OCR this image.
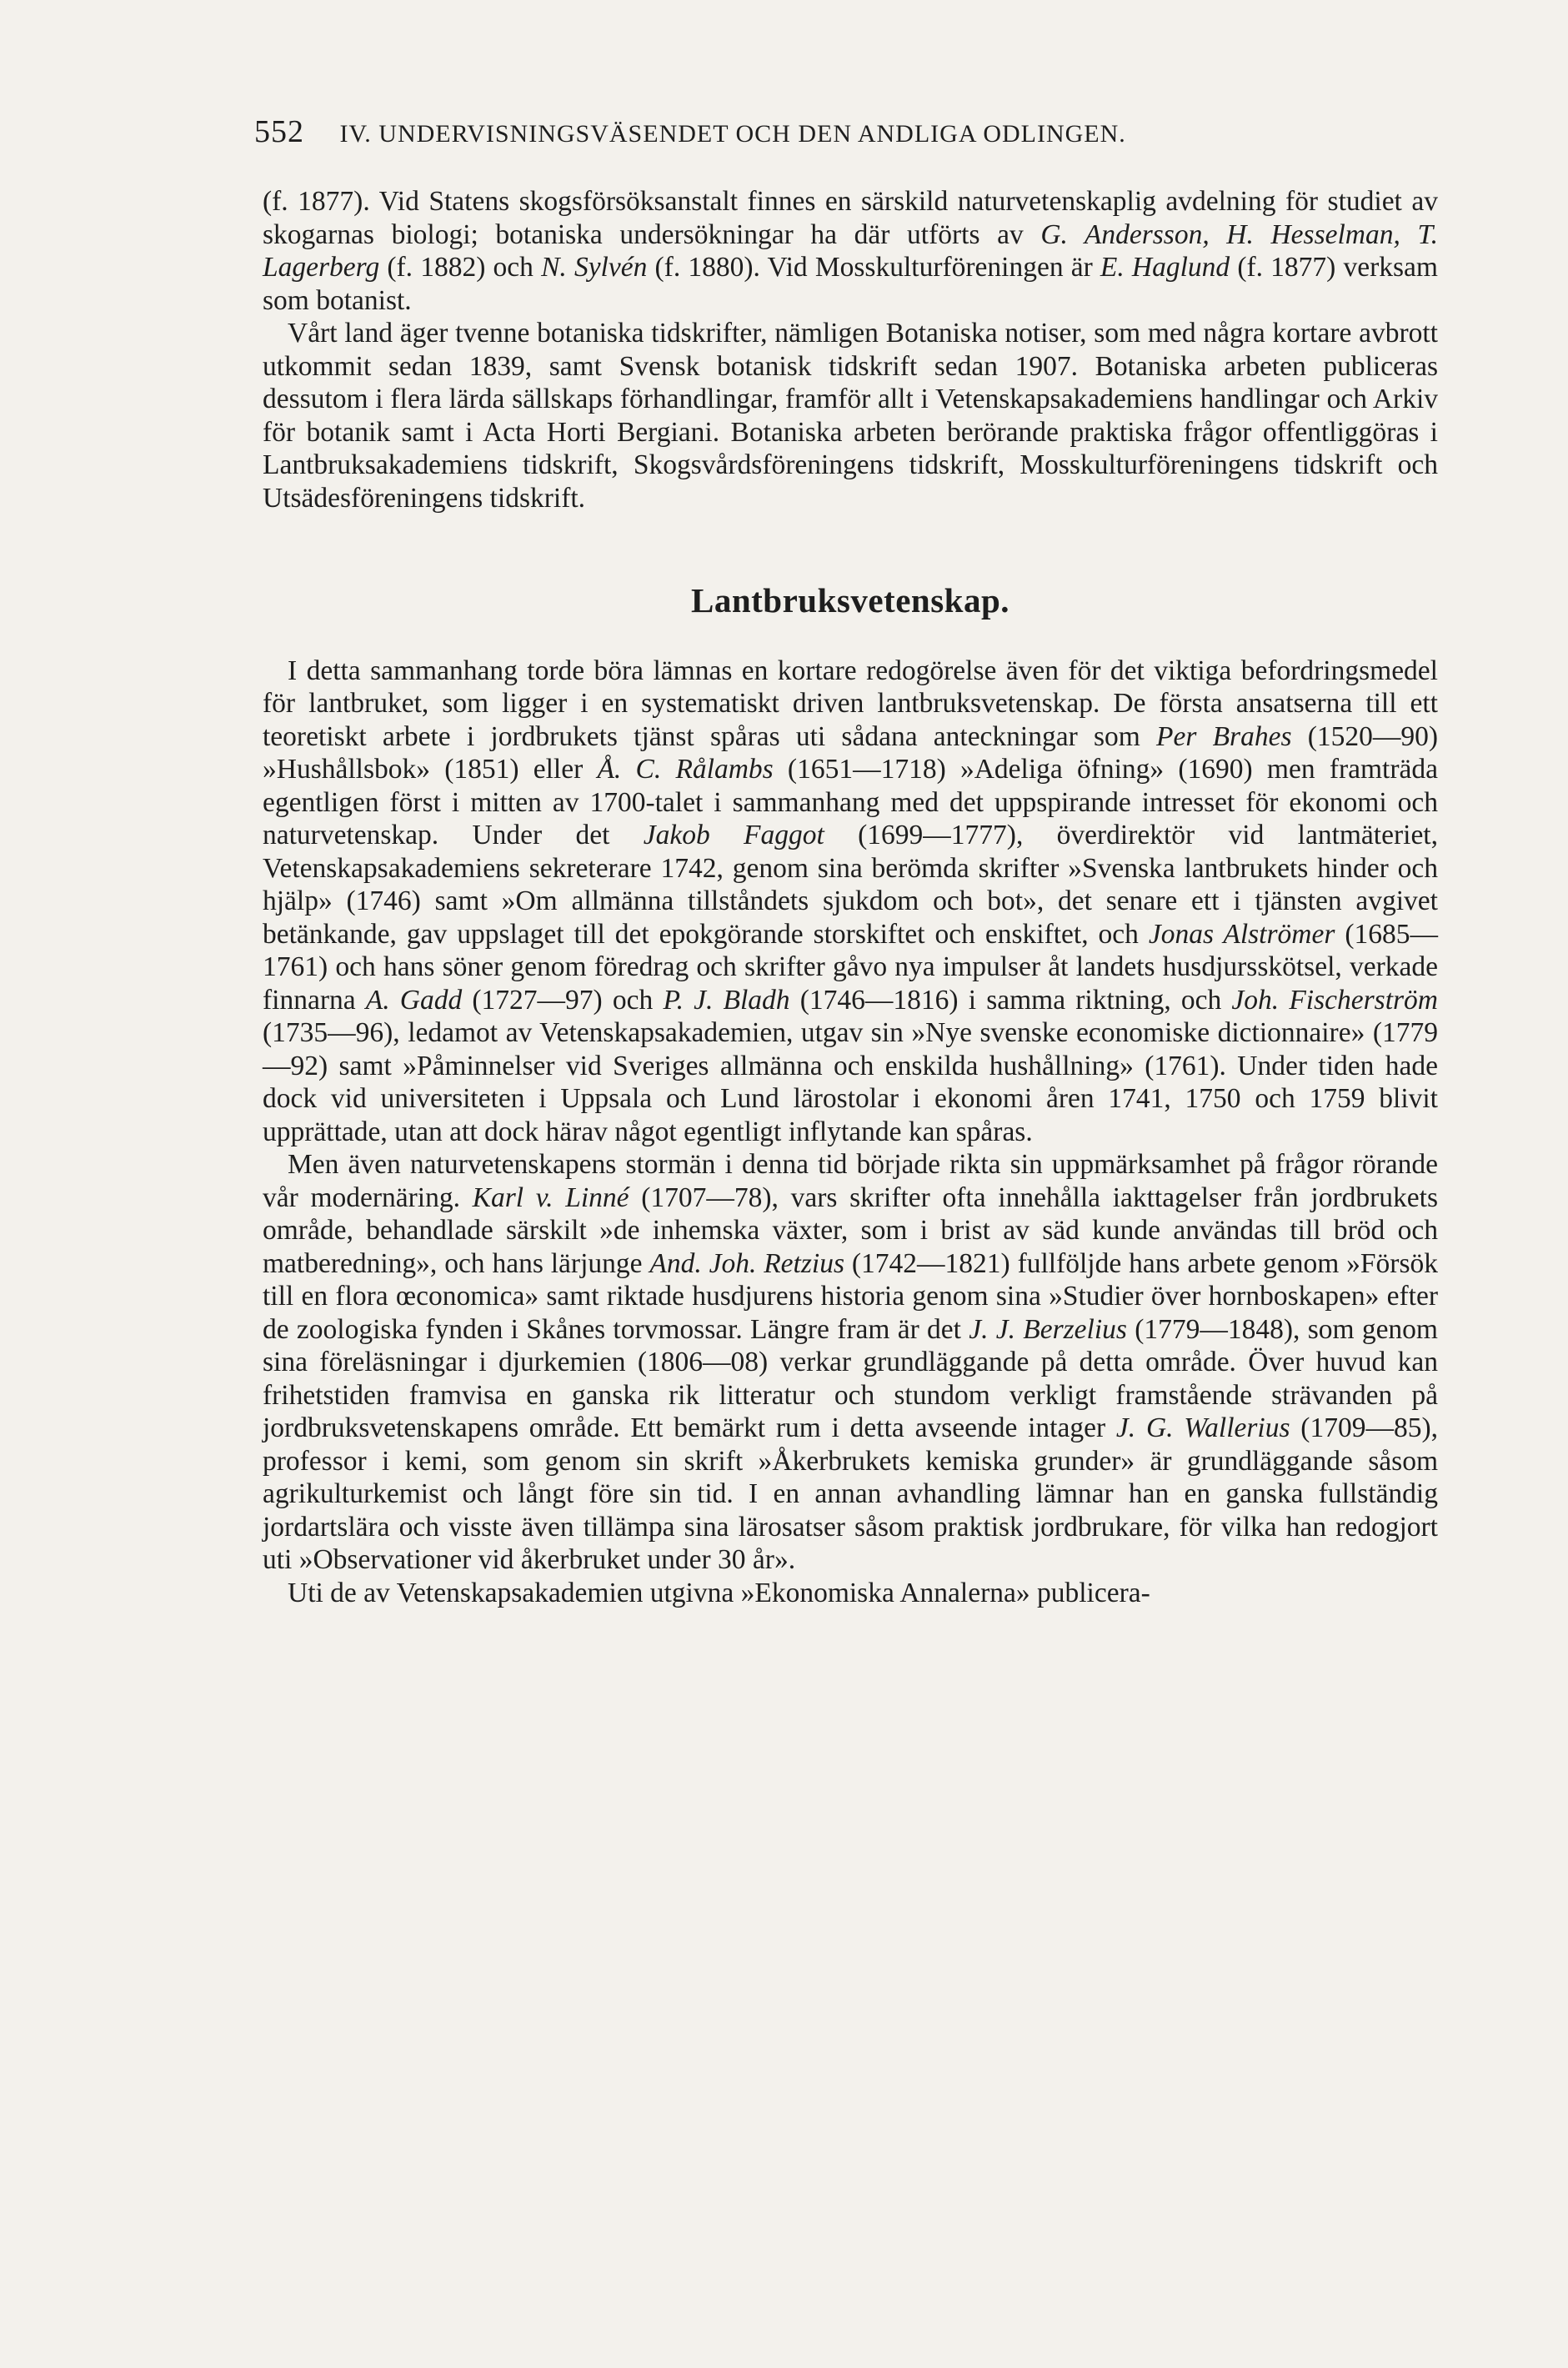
552 IV. UNDERVISNINGSVÄSENDET OCH DEN ANDLIGA ODLINGEN.

(f. 1877). Vid Statens skogsförsöksanstalt finnes en särskild naturvetenskaplig avdelning för studiet av skogarnas biologi; botaniska undersökningar ha där utförts av G. Andersson, H. Hesselman, T. Lagerberg (f. 1882) och N. Sylvén (f. 1880). Vid Mosskulturföreningen är E. Haglund (f. 1877) verksam som botanist.

Vårt land äger tvenne botaniska tidskrifter, nämligen Botaniska notiser, som med några kortare avbrott utkommit sedan 1839, samt Svensk botanisk tidskrift sedan 1907. Botaniska arbeten publiceras dessutom i flera lärda sällskaps förhandlingar, framför allt i Vetenskapsakademiens handlingar och Arkiv för botanik samt i Acta Horti Bergiani. Botaniska arbeten berörande praktiska frågor offentliggöras i Lantbruksakademiens tidskrift, Skogsvårdsföreningens tidskrift, Mosskulturföreningens tidskrift och Utsädesföreningens tidskrift.

Lantbruksvetenskap.

I detta sammanhang torde böra lämnas en kortare redogörelse även för det viktiga befordringsmedel för lantbruket, som ligger i en systematiskt driven lantbruksvetenskap. De första ansatserna till ett teoretiskt arbete i jordbrukets tjänst spåras uti sådana anteckningar som Per Brahes (1520—90) »Hushållsbok» (1851) eller Å. C. Rålambs (1651—1718) »Adeliga öfning» (1690) men framträda egentligen först i mitten av 1700-talet i sammanhang med det uppspirande intresset för ekonomi och naturvetenskap. Under det Jakob Faggot (1699—1777), överdirektör vid lantmäteriet, Vetenskapsakademiens sekreterare 1742, genom sina berömda skrifter »Svenska lantbrukets hinder och hjälp» (1746) samt »Om allmänna tillståndets sjukdom och bot», det senare ett i tjänsten avgivet betänkande, gav uppslaget till det epokgörande storskiftet och enskiftet, och Jonas Alströmer (1685—1761) och hans söner genom föredrag och skrifter gåvo nya impulser åt landets husdjursskötsel, verkade finnarna A. Gadd (1727—97) och P. J. Bladh (1746—1816) i samma riktning, och Joh. Fischerström (1735—96), ledamot av Vetenskapsakademien, utgav sin »Nye svenske economiske dictionnaire» (1779—92) samt »Påminnelser vid Sveriges allmänna och enskilda hushållning» (1761). Under tiden hade dock vid universiteten i Uppsala och Lund lärostolar i ekonomi åren 1741, 1750 och 1759 blivit upprättade, utan att dock härav något egentligt inflytande kan spåras.

Men även naturvetenskapens stormän i denna tid började rikta sin uppmärksamhet på frågor rörande vår modernäring. Karl v. Linné (1707—78), vars skrifter ofta innehålla iakttagelser från jordbrukets område, behandlade särskilt »de inhemska växter, som i brist av säd kunde användas till bröd och matberedning», och hans lärjunge And. Joh. Retzius (1742—1821) fullföljde hans arbete genom »Försök till en flora œconomica» samt riktade husdjurens historia genom sina »Studier över hornboskapen» efter de zoologiska fynden i Skånes torvmossar. Längre fram är det J. J. Berzelius (1779—1848), som genom sina föreläsningar i djurkemien (1806—08) verkar grundläggande på detta område. Över huvud kan frihetstiden framvisa en ganska rik litteratur och stundom verkligt framstående strävanden på jordbruksvetenskapens område. Ett bemärkt rum i detta avseende intager J. G. Wallerius (1709—85), professor i kemi, som genom sin skrift »Åkerbrukets kemiska grunder» är grundläggande såsom agrikulturkemist och långt före sin tid. I en annan avhandling lämnar han en ganska fullständig jordartslära och visste även tillämpa sina lärosatser såsom praktisk jordbrukare, för vilka han redogjort uti »Observationer vid åkerbruket under 30 år».

Uti de av Vetenskapsakademien utgivna »Ekonomiska Annalerna» publicera-
